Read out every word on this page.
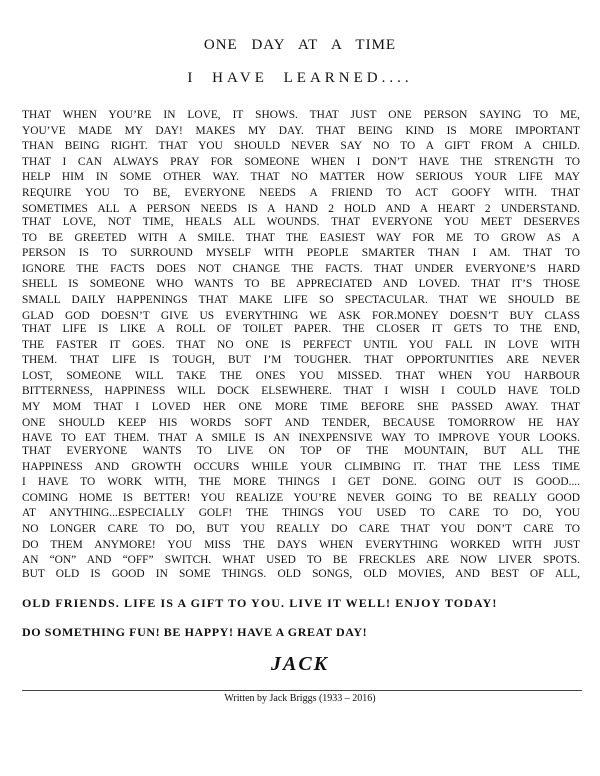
ONE DAY AT A TIME
I HAVE LEARNED....
THAT WHEN YOU’RE IN LOVE, IT SHOWS. THAT JUST ONE PERSON SAYING TO ME,
YOU’VE MADE MY DAY! MAKES MY DAY. THAT BEING KIND IS MORE IMPORTANT
THAN BEING RIGHT. THAT YOU SHOULD NEVER SAY NO TO A GIFT FROM A CHILD.
THAT I CAN ALWAYS PRAY FOR SOMEONE WHEN I DON’T HAVE THE STRENGTH TO
HELP HIM IN SOME OTHER WAY. THAT NO MATTER HOW SERIOUS YOUR LIFE MAY
REQUIRE YOU TO BE, EVERYONE NEEDS A FRIEND TO ACT GOOFY WITH. THAT
SOMETIMES ALL A PERSON NEEDS IS A HAND 2 HOLD AND A HEART 2 UNDERSTAND.
THAT LOVE, NOT TIME, HEALS ALL WOUNDS. THAT EVERYONE YOU MEET DESERVES
TO BE GREETED WITH A SMILE. THAT THE EASIEST WAY FOR ME TO GROW AS A
PERSON IS TO SURROUND MYSELF WITH PEOPLE SMARTER THAN I AM. THAT TO
IGNORE THE FACTS DOES NOT CHANGE THE FACTS. THAT UNDER EVERYONE’S HARD
SHELL IS SOMEONE WHO WANTS TO BE APPRECIATED AND LOVED. THAT IT’S THOSE
SMALL DAILY HAPPENINGS THAT MAKE LIFE SO SPECTACULAR. THAT WE SHOULD BE
GLAD GOD DOESN’T GIVE US EVERYTHING WE ASK FOR.MONEY DOESN’T BUY CLASS
THAT LIFE IS LIKE A ROLL OF TOILET PAPER. THE CLOSER IT GETS TO THE END,
THE FASTER IT GOES. THAT NO ONE IS PERFECT UNTIL YOU FALL IN LOVE WITH
THEM. THAT LIFE IS TOUGH, BUT I’M TOUGHER. THAT OPPORTUNITIES ARE NEVER
LOST, SOMEONE WILL TAKE THE ONES YOU MISSED. THAT WHEN YOU HARBOUR
BITTERNESS, HAPPINESS WILL DOCK ELSEWHERE. THAT I WISH I COULD HAVE TOLD
MY MOM THAT I LOVED HER ONE MORE TIME BEFORE SHE PASSED AWAY. THAT
ONE SHOULD KEEP HIS WORDS SOFT AND TENDER, BECAUSE TOMORROW HE HAY
HAVE TO EAT THEM. THAT A SMILE IS AN INEXPENSIVE WAY TO IMPROVE YOUR LOOKS.
THAT EVERYONE WANTS TO LIVE ON TOP OF THE MOUNTAIN, BUT ALL THE
HAPPINESS AND GROWTH OCCURS WHILE YOUR CLIMBING IT. THAT THE LESS TIME
I HAVE TO WORK WITH, THE MORE THINGS I GET DONE. GOING OUT IS GOOD....
COMING HOME IS BETTER! YOU REALIZE YOU’RE NEVER GOING TO BE REALLY GOOD
AT ANYTHING...ESPECIALLY GOLF! THE THINGS YOU USED TO CARE TO DO, YOU
NO LONGER CARE TO DO, BUT YOU REALLY DO CARE THAT YOU DON’T CARE TO
DO THEM ANYMORE! YOU MISS THE DAYS WHEN EVERYTHING WORKED WITH JUST
AN “ON” AND “OFF” SWITCH. WHAT USED TO BE FRECKLES ARE NOW LIVER SPOTS.
BUT OLD IS GOOD IN SOME THINGS. OLD SONGS, OLD MOVIES, AND BEST OF ALL,
OLD FRIENDS. LIFE IS A GIFT TO YOU. LIVE IT WELL! ENJOY TODAY!
DO SOMETHING FUN! BE HAPPY! HAVE A GREAT DAY!
JACK
Written by Jack Briggs (1933 – 2016)
